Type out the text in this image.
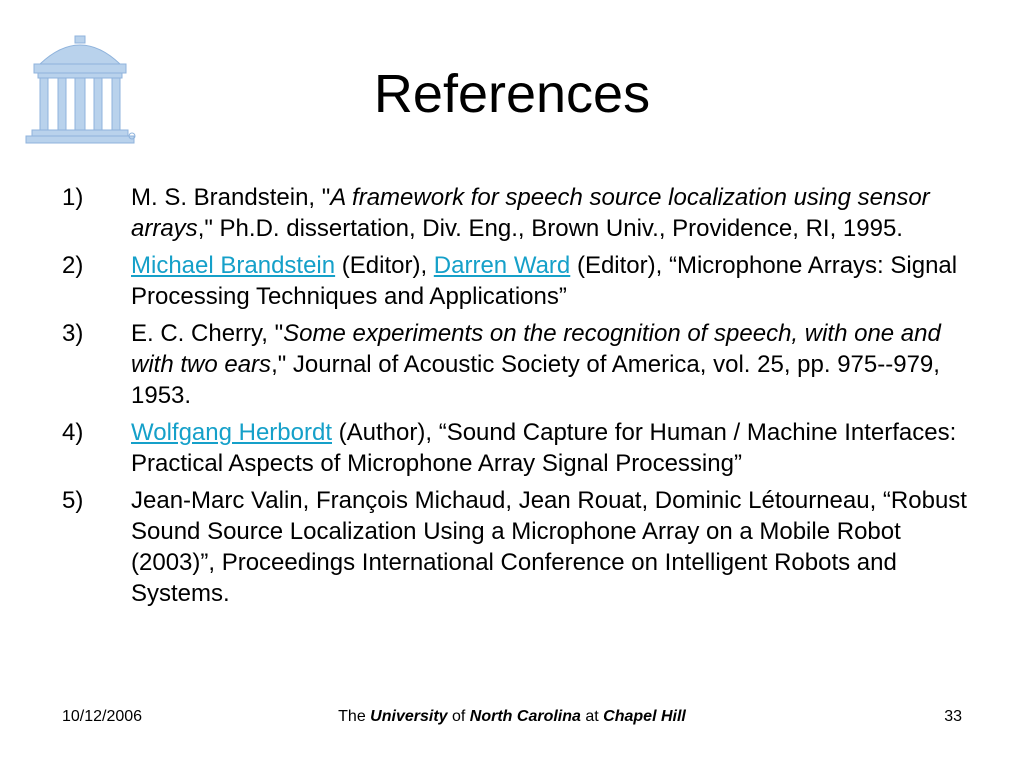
References
1) M. S. Brandstein, "A framework for speech source localization using sensor arrays," Ph.D. dissertation, Div. Eng., Brown Univ., Providence, RI, 1995.
2) Michael Brandstein (Editor), Darren Ward (Editor), “Microphone Arrays: Signal Processing Techniques and Applications”
3) E. C. Cherry, "Some experiments on the recognition of speech, with one and with two ears," Journal of Acoustic Society of America, vol. 25, pp. 975--979, 1953.
4) Wolfgang Herbordt (Author), “Sound Capture for Human / Machine Interfaces: Practical Aspects of Microphone Array Signal Processing”
5) Jean-Marc Valin, François Michaud, Jean Rouat, Dominic Létourneau, “Robust Sound Source Localization Using a Microphone Array on a Mobile Robot (2003)”, Proceedings International Conference on Intelligent Robots and Systems.
10/12/2006	The University of North Carolina at Chapel Hill	33
